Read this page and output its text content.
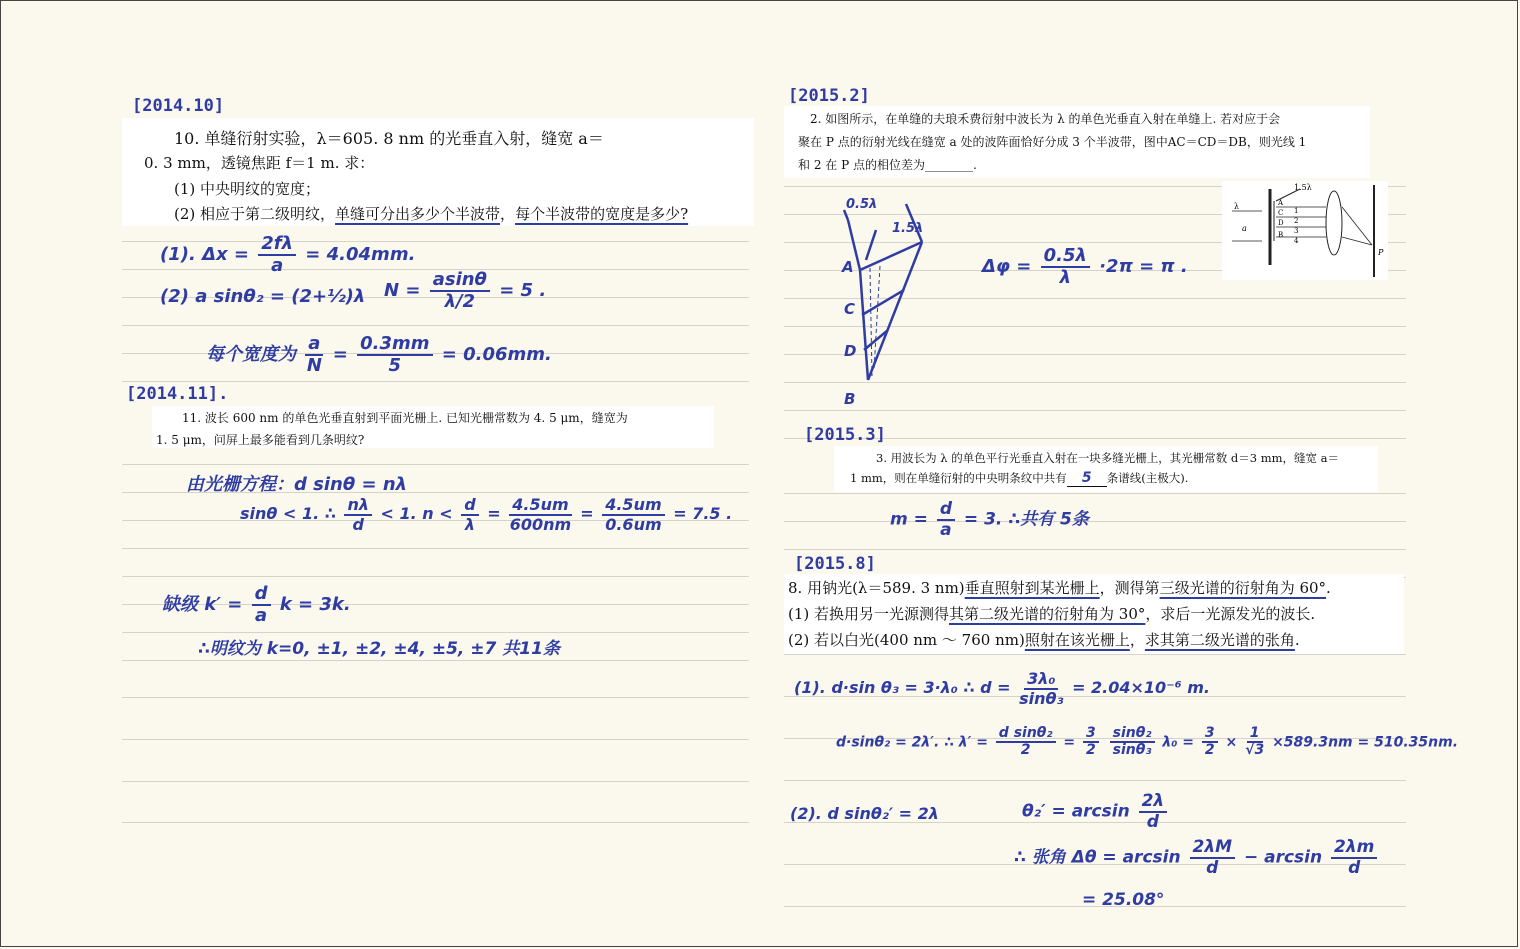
[2014.10]
10. 单缝衍射实验，λ＝605. 8 nm 的光垂直入射，缝宽 a＝
0. 3 mm，透镜焦距 f＝1 m. 求：
(1) 中央明纹的宽度；
(2) 相应于第二级明纹，单缝可分出多少个半波带，每个半波带的宽度是多少?
(1). $\Delta x = \frac{2f\lambda}{a} = 4.04mm$.
(2) a sinθ₂ = (2+½)λ $N = \frac{asin\theta}{\lambda/2} = 5$ .
每个宽度为 $\frac{a}{N} = \frac{0.3mm}{5} = 0.06mm$.
[2014.11].
11. 波长 600 nm 的单色光垂直射到平面光栅上. 已知光栅常数为 4. 5 μm，缝宽为
1. 5 μm，问屏上最多能看到几条明纹?
由光栅方程：d sinθ = nλ
sinθ < 1. ∴ $\frac{n\lambda}{d} < 1$. $n < \frac{d}{\lambda} = \frac{4.5um}{600nm} = \frac{4.5um}{0.6um} = 7.5$ .
缺级 $k' = \frac{d}{a}$ k = 3k.
∴明纹为 k=0, ±1, ±2, ±4, ±5, ±7 共11条
[2015.2]
2. 如图所示，在单缝的夫琅禾费衍射中波长为 λ 的单色光垂直入射在单缝上. 若对应于会
聚在 P 点的衍射光线在缝宽 a 处的波阵面恰好分成 3 个半波带，图中AC＝CD＝DB，则光线 1
和 2 在 P 点的相位差为________.
1.5λ
λ
a
P
A
C
D
B
1
2
3
4
0.5λ
1.5λ
A
C
D
B
$\Delta\varphi = \frac{0.5\lambda}{\lambda} \cdot 2\pi = \pi$ .
[2015.3]
3. 用波长为 λ 的单色平行光垂直入射在一块多缝光栅上，其光栅常数 d＝3 mm，缝宽 a＝
1 mm，则在单缝衍射的中央明条纹中共有 5 条谱线(主极大).
$m = \frac{d}{a} = 3$. ∴共有 5条
[2015.8]
8. 用钠光(λ＝589. 3 nm)垂直照射到某光栅上，测得第三级光谱的衍射角为 60°.
(1) 若换用另一光源测得其第二级光谱的衍射角为 30°，求后一光源发光的波长.
(2) 若以白光(400 nm ～ 760 nm)照射在该光栅上，求其第二级光谱的张角.
(1). d·sin θ₃ = 3·λ₀ ∴ $d = \frac{\text{3λ₀}}{\text{sinθ₃}} = 2.04\times 10^{-6}$ m.
d·sinθ₂ = 2λ′. ∴ $\lambda' = \frac{\text{d sinθ₂}}{2} = \frac{3}{2}$
$\frac{\text{sinθ₂}}{\text{sinθ₃}} \lambda_0 = \frac{3}{2} \times \frac{1}{√3} \times 589.3nm = 510.35nm$.
(2). d sinθ₂′ = 2λ	$\theta_2' = \arcsin \frac{2\lambda}{d}$
∴ 张角 $\Delta\theta = \arcsin \frac{2\lambda M}{d} - \arcsin \frac{2\lambda m}{d}$
= 25.08°
